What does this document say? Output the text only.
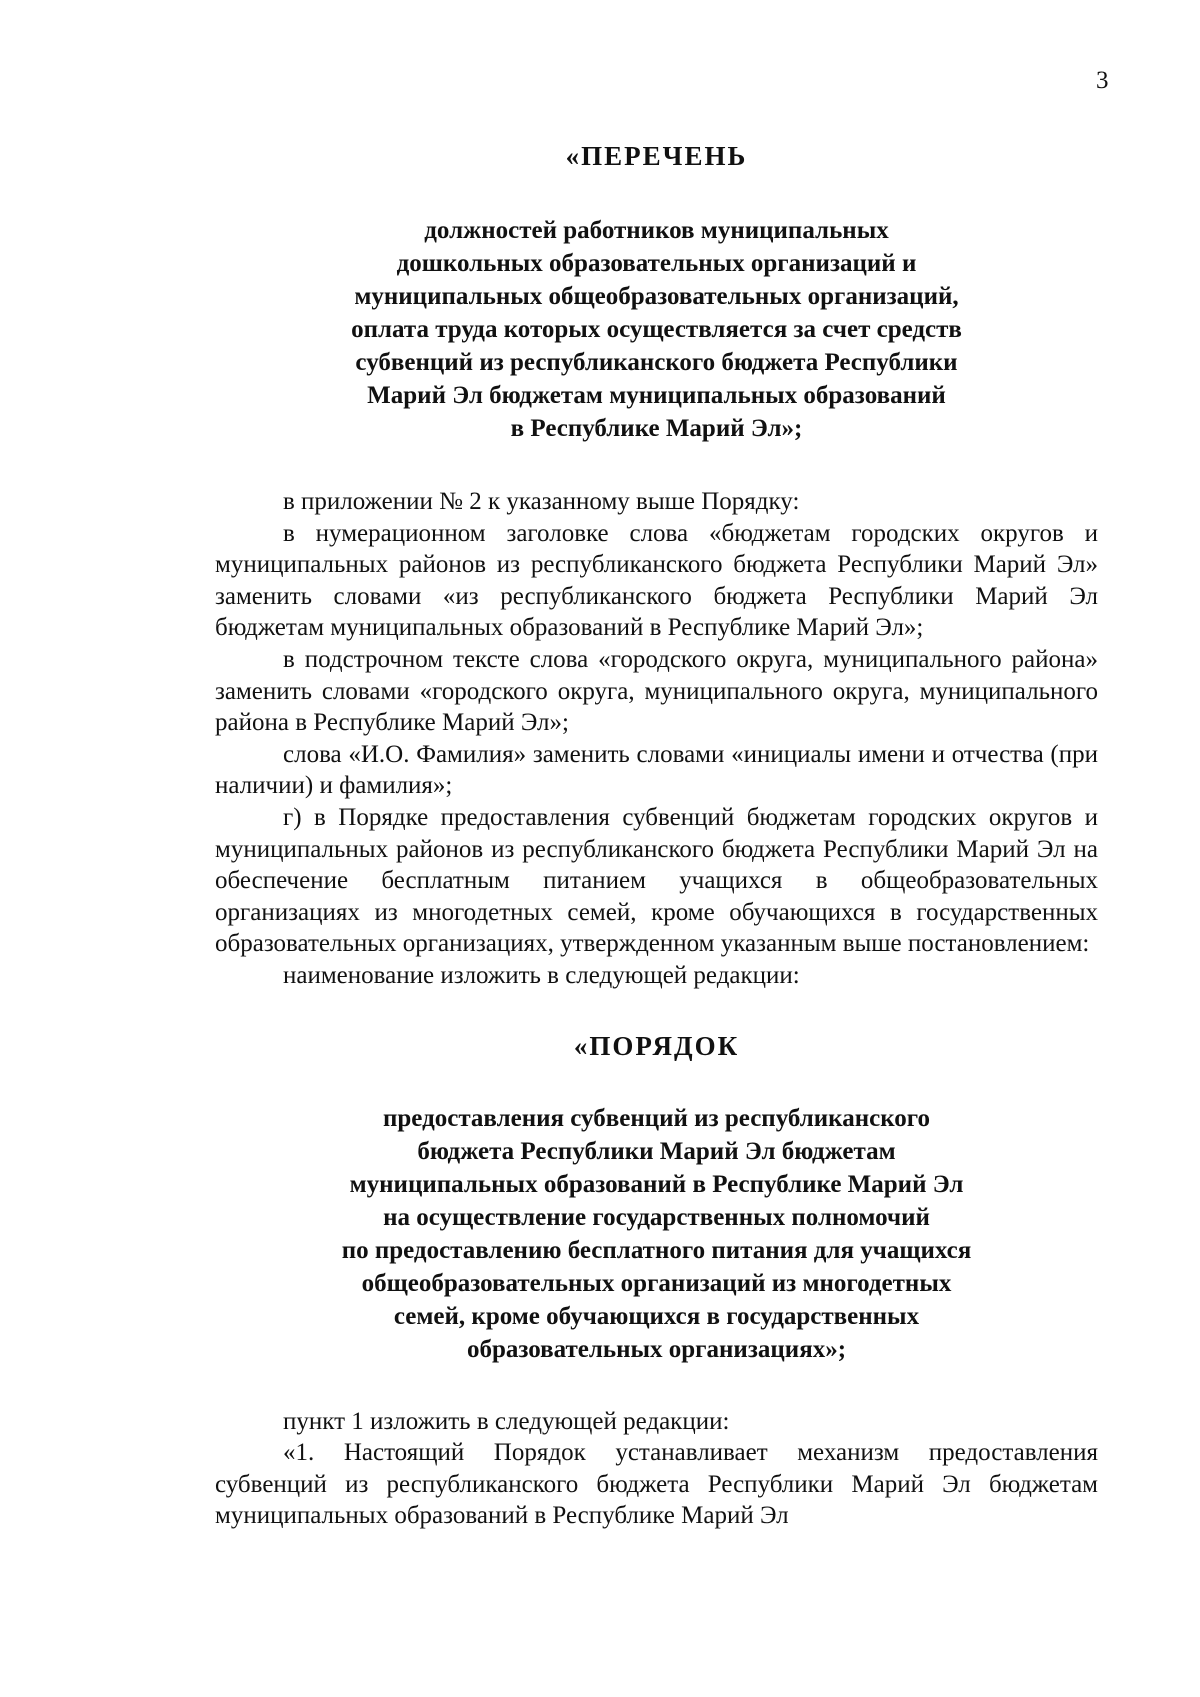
3

«ПЕРЕЧЕНЬ

должностей работников муниципальных
дошкольных образовательных организаций и
муниципальных общеобразовательных организаций,
оплата труда которых осуществляется за счет средств
субвенций из республиканского бюджета Республики
Марий Эл бюджетам муниципальных образований
в Республике Марий Эл»;

в приложении № 2 к указанному выше Порядку:

в нумерационном заголовке слова «бюджетам городских округов и муниципальных районов из республиканского бюджета Республики Марий Эл» заменить словами «из республиканского бюджета Республики Марий Эл бюджетам муниципальных образований в Республике Марий Эл»;

в подстрочном тексте слова «городского округа, муниципального района» заменить словами «городского округа, муниципального округа, муниципального района в Республике Марий Эл»;

слова «И.О. Фамилия» заменить словами «инициалы имени и отчества (при наличии) и фамилия»;

г) в Порядке предоставления субвенций бюджетам городских округов и муниципальных районов из республиканского бюджета Республики Марий Эл на обеспечение бесплатным питанием учащихся в общеобразовательных организациях из многодетных семей, кроме обучающихся в государственных образовательных организациях, утвержденном указанным выше постановлением:

наименование изложить в следующей редакции:

«ПОРЯДОК

предоставления субвенций из республиканского
бюджета Республики Марий Эл бюджетам
муниципальных образований в Республике Марий Эл
на осуществление государственных полномочий
по предоставлению бесплатного питания для учащихся
общеобразовательных организаций из многодетных
семей, кроме обучающихся в государственных
образовательных организациях»;

пункт 1 изложить в следующей редакции:

«1. Настоящий Порядок устанавливает механизм предоставления субвенций из республиканского бюджета Республики Марий Эл бюджетам муниципальных образований в Республике Марий Эл
